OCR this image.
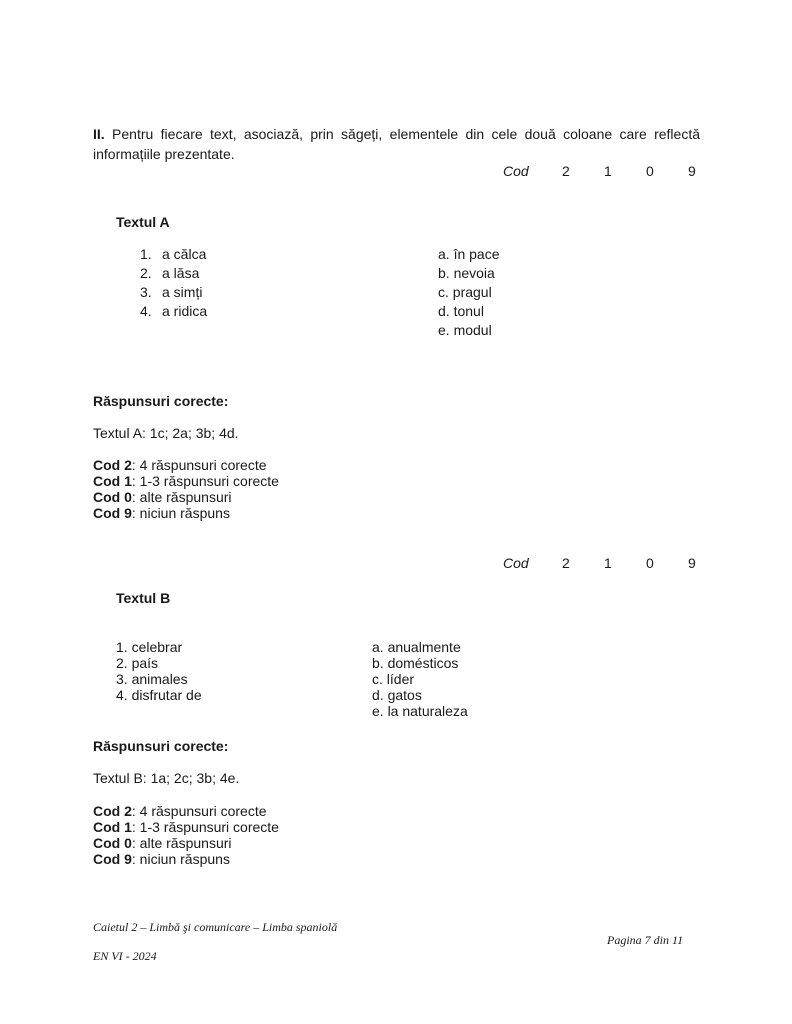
II. Pentru fiecare text, asociază, prin săgeți, elementele din cele două coloane care reflectă informațiile prezentate.
Cod 2 1 0 9
Textul A
1. a călca
2. a lăsa
3. a simți
4. a ridica
a. în pace
b. nevoia
c. pragul
d. tonul
e. modul
Răspunsuri corecte:
Textul A: 1c; 2a; 3b; 4d.
Cod 2: 4 răspunsuri corecte
Cod 1: 1-3 răspunsuri corecte
Cod 0: alte răspunsuri
Cod 9: niciun răspuns
Cod 2 1 0 9
Textul B
1. celebrar
2. país
3. animales
4. disfrutar de
a. anualmente
b. domésticos
c. líder
d. gatos
e. la naturaleza
Răspunsuri corecte:
Textul B: 1a; 2c; 3b; 4e.
Cod 2: 4 răspunsuri corecte
Cod 1: 1-3 răspunsuri corecte
Cod 0: alte răspunsuri
Cod 9: niciun răspuns
Caietul 2 – Limbă şi comunicare – Limba spaniolă
Pagina 7 din 11
EN VI - 2024
